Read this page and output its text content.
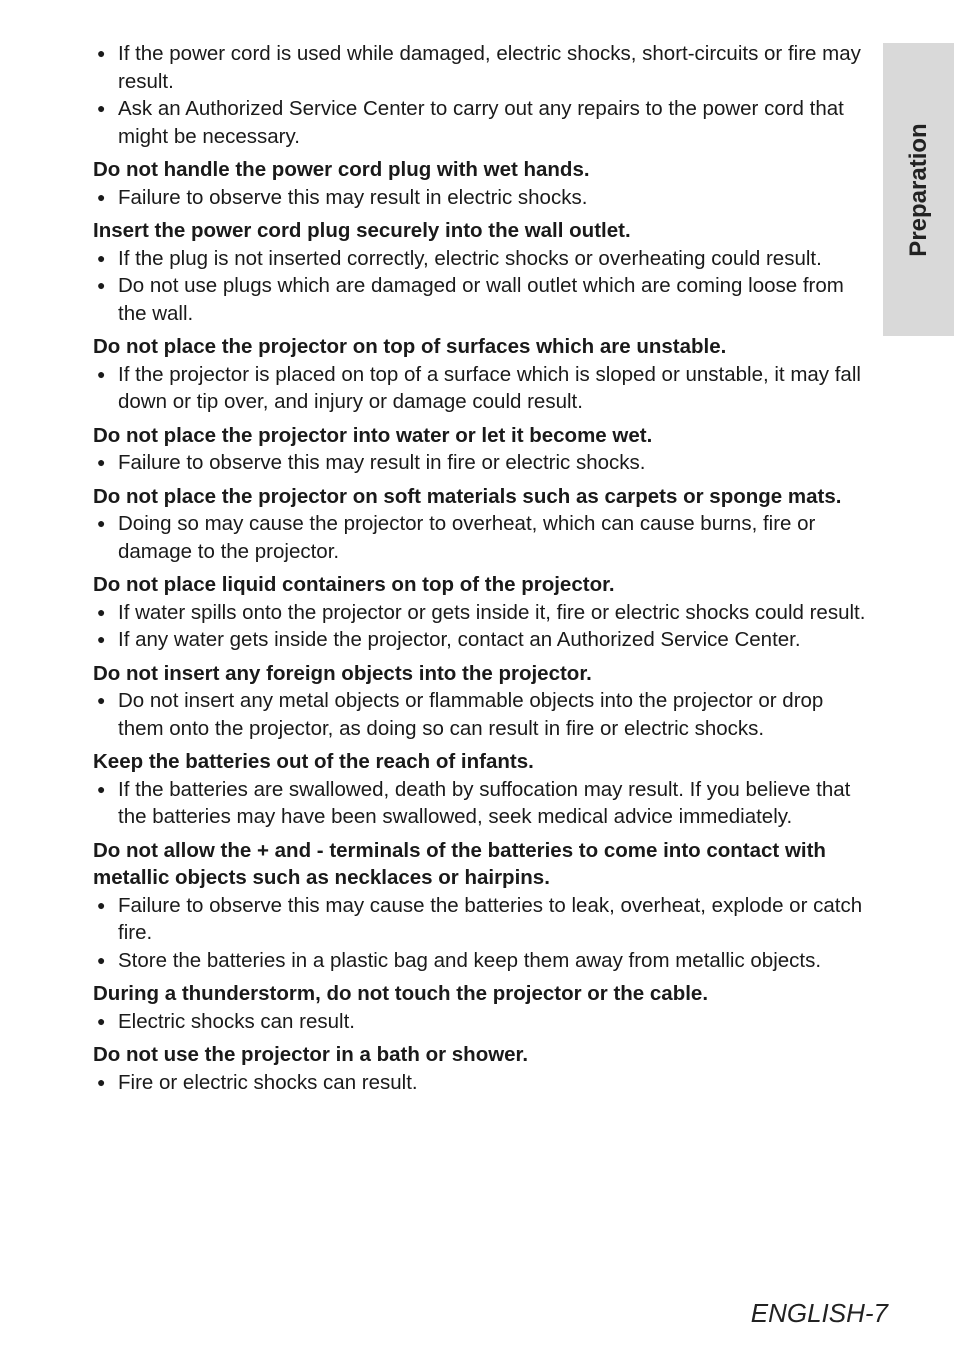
● If the power cord is used while damaged, electric shocks, short-circuits or fire may result.
● Ask an Authorized Service Center to carry out any repairs to the power cord that might be necessary.
Do not handle the power cord plug with wet hands.
● Failure to observe this may result in electric shocks.
Insert the power cord plug securely into the wall outlet.
● If the plug is not inserted correctly, electric shocks or overheating could result.
● Do not use plugs which are damaged or wall outlet which are coming loose from the wall.
Do not place the projector on top of surfaces which are unstable.
● If the projector is placed on top of a surface which is sloped or unstable, it may fall down or tip over, and injury or damage could result.
Do not place the projector into water or let it become wet.
● Failure to observe this may result in fire or electric shocks.
Do not place the projector on soft materials such as carpets or sponge mats.
● Doing so may cause the projector to overheat, which can cause burns, fire or damage to the projector.
Do not place liquid containers on top of the projector.
● If water spills onto the projector or gets inside it, fire or electric shocks could result.
● If any water gets inside the projector, contact an Authorized Service Center.
Do not insert any foreign objects into the projector.
● Do not insert any metal objects or flammable objects into the projector or drop them onto the projector, as doing so can result in fire or electric shocks.
Keep the batteries out of the reach of infants.
● If the batteries are swallowed, death by suffocation may result. If you believe that the batteries may have been swallowed, seek medical advice immediately.
Do not allow the + and - terminals of the batteries to come into contact with metallic objects such as necklaces or hairpins.
● Failure to observe this may cause the batteries to leak, overheat, explode or catch fire.
● Store the batteries in a plastic bag and keep them away from metallic objects.
During a thunderstorm, do not touch the projector or the cable.
● Electric shocks can result.
Do not use the projector in a bath or shower.
● Fire or electric shocks can result.
Preparation
ENGLISH-7
